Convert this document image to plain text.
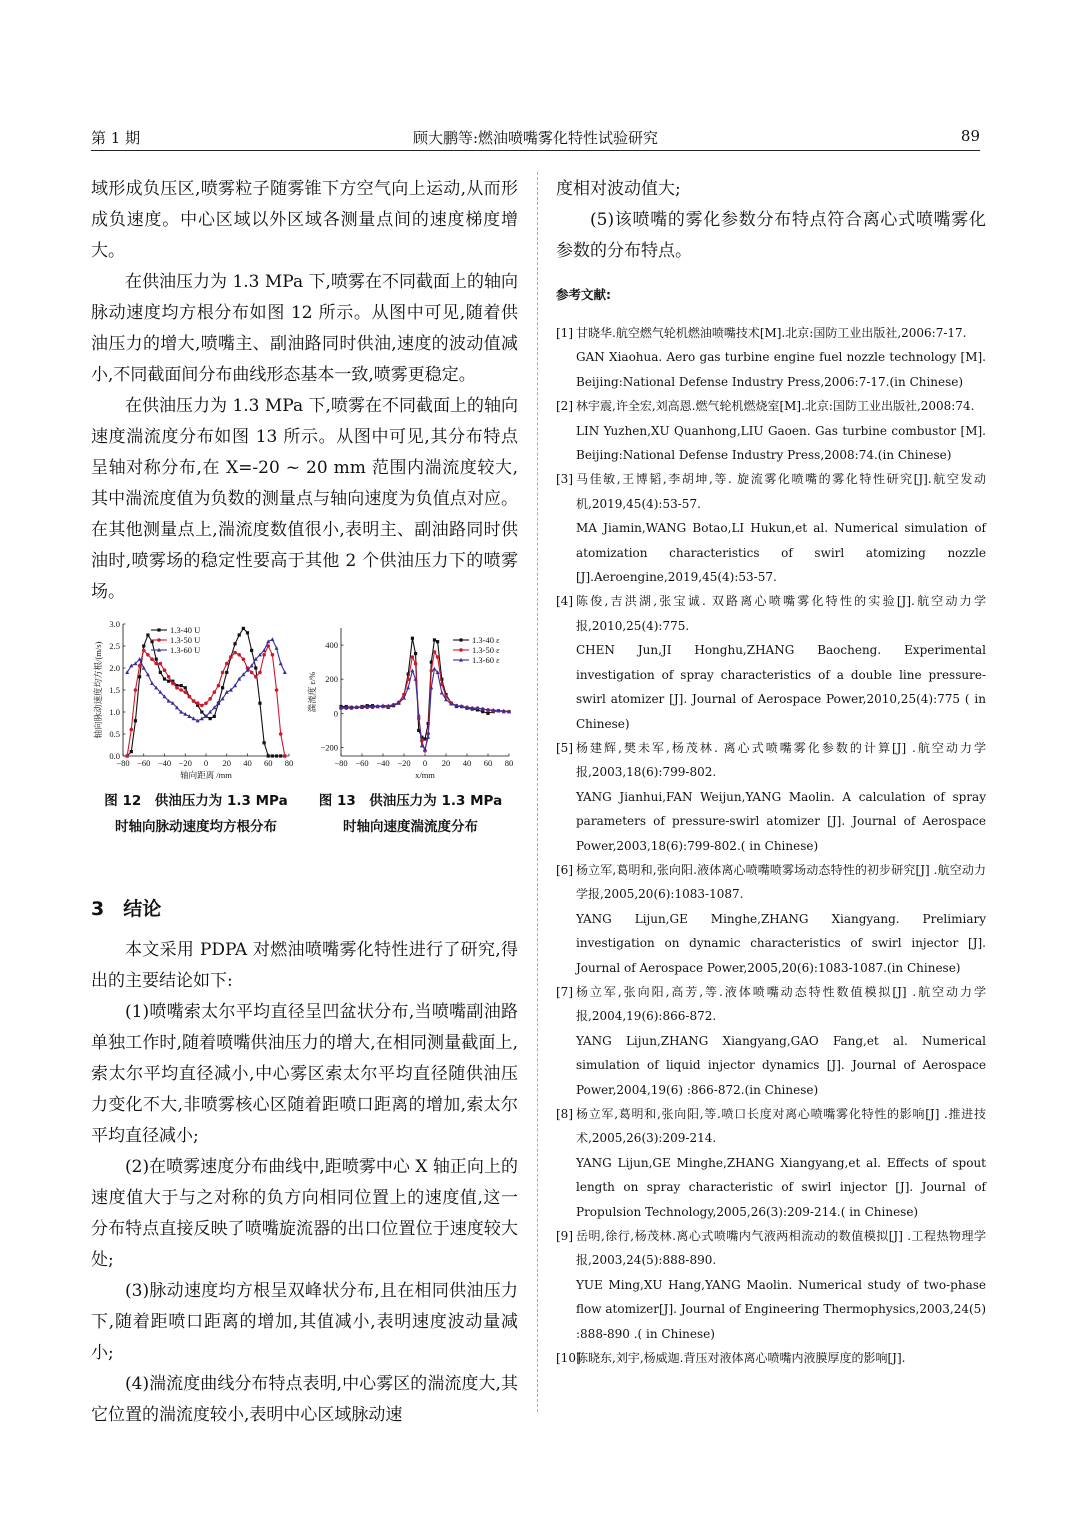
第 1 期	顾大鹏等:燃油喷嘴雾化特性试验研究	89

域形成负压区,喷雾粒子随雾锥下方空气向上运动,从而形成负速度。中心区域以外区域各测量点间的速度梯度增大。

在供油压力为 1.3 MPa 下,喷雾在不同截面上的轴向脉动速度均方根分布如图 12 所示。从图中可见,随着供油压力的增大,喷嘴主、副油路同时供油,速度的波动值减小,不同截面间分布曲线形态基本一致,喷雾更稳定。

在供油压力为 1.3 MPa 下,喷雾在不同截面上的轴向速度湍流度分布如图 13 所示。从图中可见,其分布特点呈轴对称分布,在 X=-20 ~ 20 mm 范围内湍流度较大,其中湍流度值为负数的测量点与轴向速度为负值点对应。在其他测量点上,湍流度数值很小,表明主、副油路同时供油时,喷雾场的稳定性要高于其他 2 个供油压力下的喷雾场。

−80 −60 −40 −20 0 20 40 60 80
0.0
0.5
1.0
1.5
2.0
2.5
3.0
轴向距离 /mm
轴向脉动速度均方根/(m/s)
1.3-40 U
1.3-50 U
1.3-60 U
−80 −60 −40 −20 0 20 40 60 80
−200
0
200
400
x/mm
湍流度 ε/%
1.3-40 ε
1.3-50 ε
1.3-60 ε
图 12　供油压力为 1.3 MPa
时轴向脉动速度均方根分布
图 13　供油压力为 1.3 MPa
时轴向速度湍流度分布
3　结论

本文采用 PDPA 对燃油喷嘴雾化特性进行了研究,得出的主要结论如下:

(1)喷嘴索太尔平均直径呈凹盆状分布,当喷嘴副油路单独工作时,随着喷嘴供油压力的增大,在相同测量截面上,索太尔平均直径减小,中心雾区索太尔平均直径随供油压力变化不大,非喷雾核心区随着距喷口距离的增加,索太尔平均直径减小;

(2)在喷雾速度分布曲线中,距喷雾中心 X 轴正向上的速度值大于与之对称的负方向相同位置上的速度值,这一分布特点直接反映了喷嘴旋流器的出口位置位于速度较大处;

(3)脉动速度均方根呈双峰状分布,且在相同供油压力下,随着距喷口距离的增加,其值减小,表明速度波动量减小;

(4)湍流度曲线分布特点表明,中心雾区的湍流度大,其它位置的湍流度较小,表明中心区域脉动速

度相对波动值大;

(5)该喷嘴的雾化参数分布特点符合离心式喷嘴雾化参数的分布特点。

参考文献:
[1] 甘晓华.航空燃气轮机燃油喷嘴技术[M].北京:国防工业出版社,2006:7-17.
GAN Xiaohua. Aero gas turbine engine fuel nozzle technology [M]. Beijing:National Defense Industry Press,2006:7-17.(in Chinese)
[2] 林宇震,许全宏,刘高恩.燃气轮机燃烧室[M].北京:国防工业出版社,2008:74.
LIN Yuzhen,XU Quanhong,LIU Gaoen. Gas turbine combustor [M]. Beijing:National Defense Industry Press,2008:74.(in Chinese)
[3] 马佳敏,王博韬,李胡坤,等. 旋流雾化喷嘴的雾化特性研究[J].航空发动机,2019,45(4):53-57.
MA Jiamin,WANG Botao,LI Hukun,et al. Numerical simulation of atomization characteristics of swirl atomizing nozzle [J].Aeroengine,2019,45(4):53-57.
[4] 陈俊,吉洪湖,张宝诚. 双路离心喷嘴雾化特性的实验[J].航空动力学报,2010,25(4):775.
CHEN Jun,JI Honghu,ZHANG Baocheng. Experimental investigation of spray characteristics of a double line pressure-swirl atomizer [J]. Journal of Aerospace Power,2010,25(4):775 ( in Chinese)
[5] 杨建辉,樊未军,杨茂林. 离心式喷嘴雾化参数的计算[J] .航空动力学报,2003,18(6):799-802.
YANG Jianhui,FAN Weijun,YANG Maolin. A calculation of spray parameters of pressure-swirl atomizer [J]. Journal of Aerospace Power,2003,18(6):799-802.( in Chinese)
[6] 杨立军,葛明和,张向阳.液体离心喷嘴喷雾场动态特性的初步研究[J] .航空动力学报,2005,20(6):1083-1087.
YANG Lijun,GE Minghe,ZHANG Xiangyang. Prelimiary investigation on dynamic characteristics of swirl injector [J]. Journal of Aerospace Power,2005,20(6):1083-1087.(in Chinese)
[7] 杨立军,张向阳,高芳,等.液体喷嘴动态特性数值模拟[J] .航空动力学报,2004,19(6):866-872.
YANG Lijun,ZHANG Xiangyang,GAO Fang,et al. Numerical simulation of liquid injector dynamics [J]. Journal of Aerospace Power,2004,19(6) :866-872.(in Chinese)
[8] 杨立军,葛明和,张向阳,等.喷口长度对离心喷嘴雾化特性的影响[J] .推进技术,2005,26(3):209-214.
YANG Lijun,GE Minghe,ZHANG Xiangyang,et al. Effects of spout length on spray characteristic of swirl injector [J]. Journal of Propulsion Technology,2005,26(3):209-214.( in Chinese)
[9] 岳明,徐行,杨茂林.离心式喷嘴内气液两相流动的数值模拟[J] .工程热物理学报,2003,24(5):888-890.
YUE Ming,XU Hang,YANG Maolin. Numerical study of two-phase flow atomizer[J]. Journal of Engineering Thermophysics,2003,24(5) :888-890 .( in Chinese)
[10]
陈晓东,刘宇,杨威迦.背压对液体离心喷嘴内液膜厚度的影响[J].
